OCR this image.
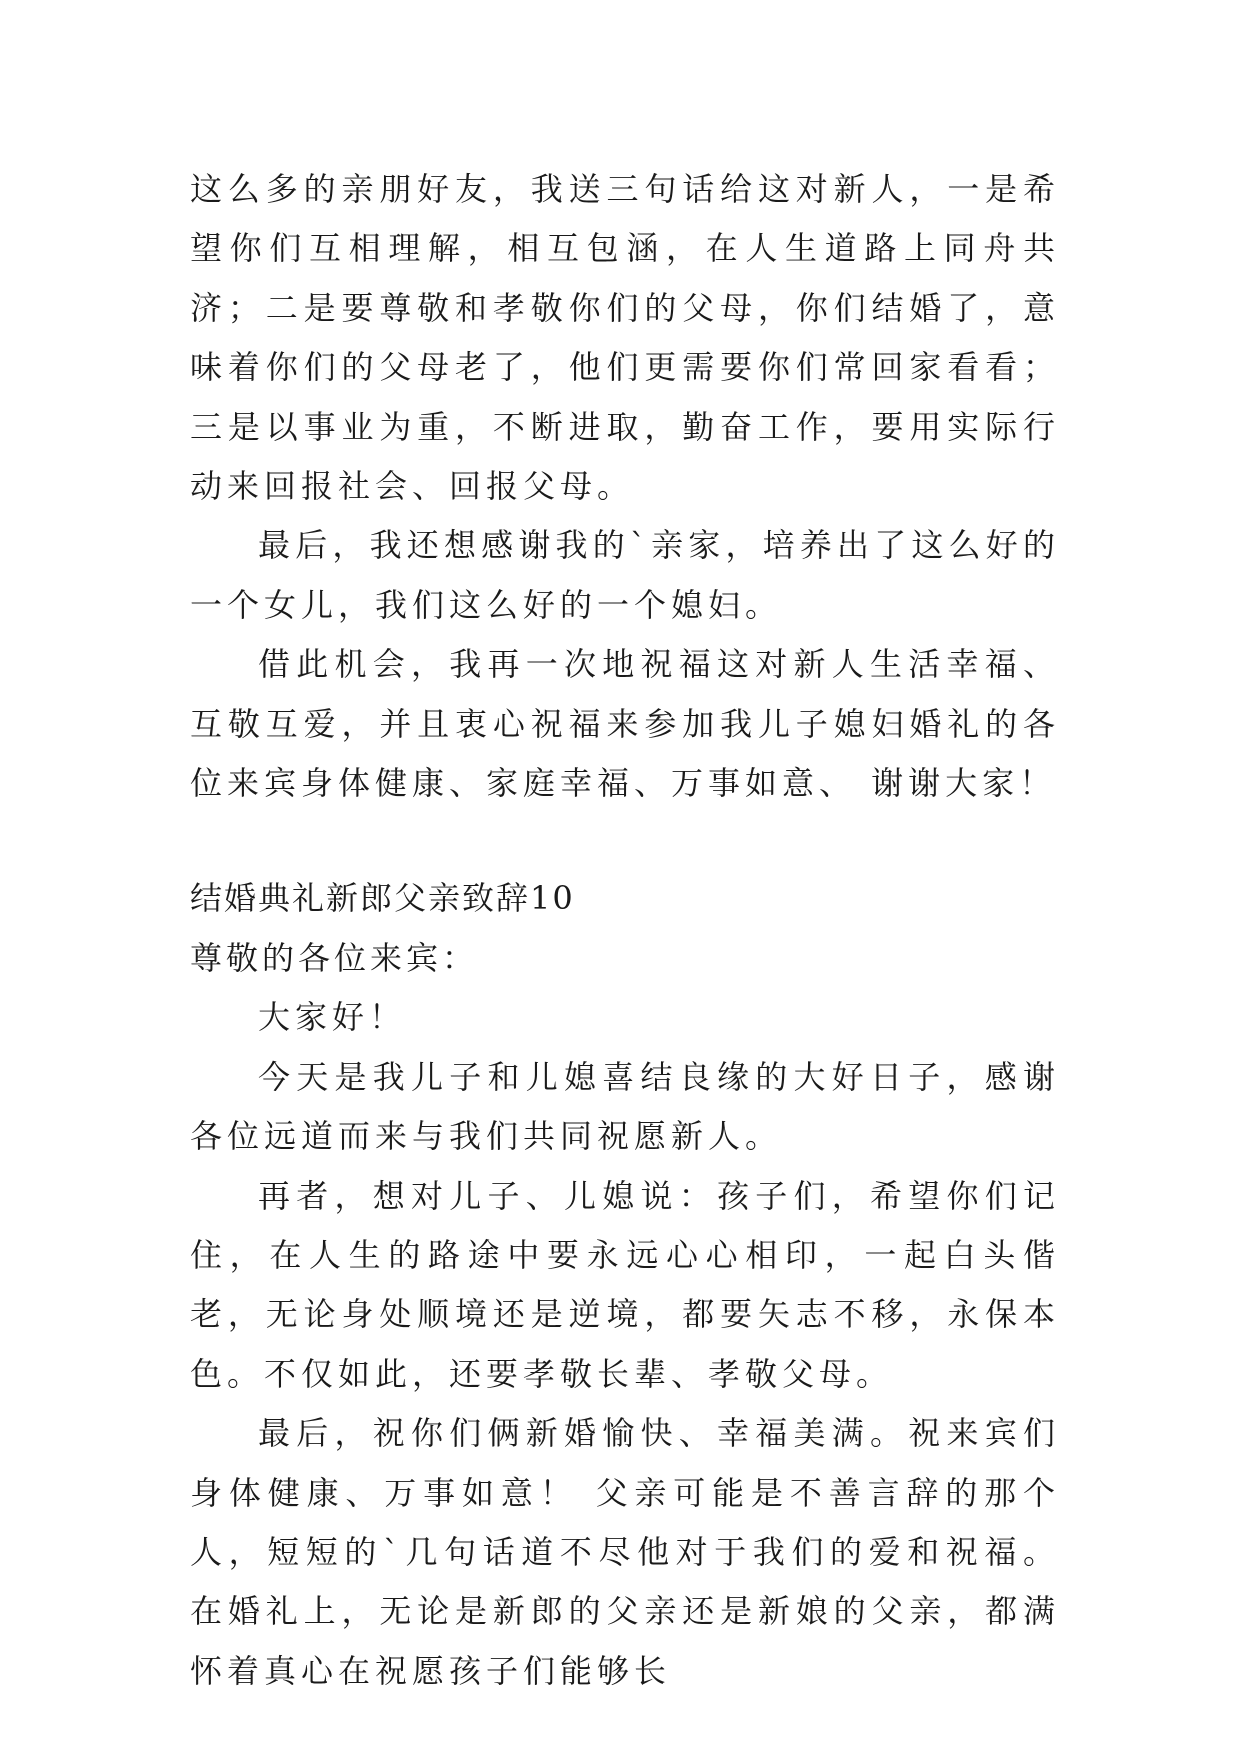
这么多的亲朋好友，我送三句话给这对新人，一是希望你们互相理解，相互包涵，在人生道路上同舟共济；二是要尊敬和孝敬你们的父母，你们结婚了，意味着你们的父母老了，他们更需要你们常回家看看；三是以事业为重，不断进取，勤奋工作，要用实际行动来回报社会、回报父母。

最后，我还想感谢我的`亲家，培养出了这么好的一个女儿，我们这么好的一个媳妇。

借此机会，我再一次地祝福这对新人生活幸福、互敬互爱，并且衷心祝福来参加我儿子媳妇婚礼的各位来宾身体健康、家庭幸福、万事如意、 谢谢大家！

结婚典礼新郎父亲致辞10

尊敬的各位来宾：

大家好！

今天是我儿子和儿媳喜结良缘的大好日子，感谢各位远道而来与我们共同祝愿新人。

再者，想对儿子、儿媳说：孩子们，希望你们记住，在人生的路途中要永远心心相印，一起白头偕老，无论身处顺境还是逆境，都要矢志不移，永保本色。不仅如此，还要孝敬长辈、孝敬父母。

最后，祝你们俩新婚愉快、幸福美满。祝来宾们身体健康、万事如意！ 父亲可能是不善言辞的那个人，短短的`几句话道不尽他对于我们的爱和祝福。在婚礼上，无论是新郎的父亲还是新娘的父亲，都满怀着真心在祝愿孩子们能够长
